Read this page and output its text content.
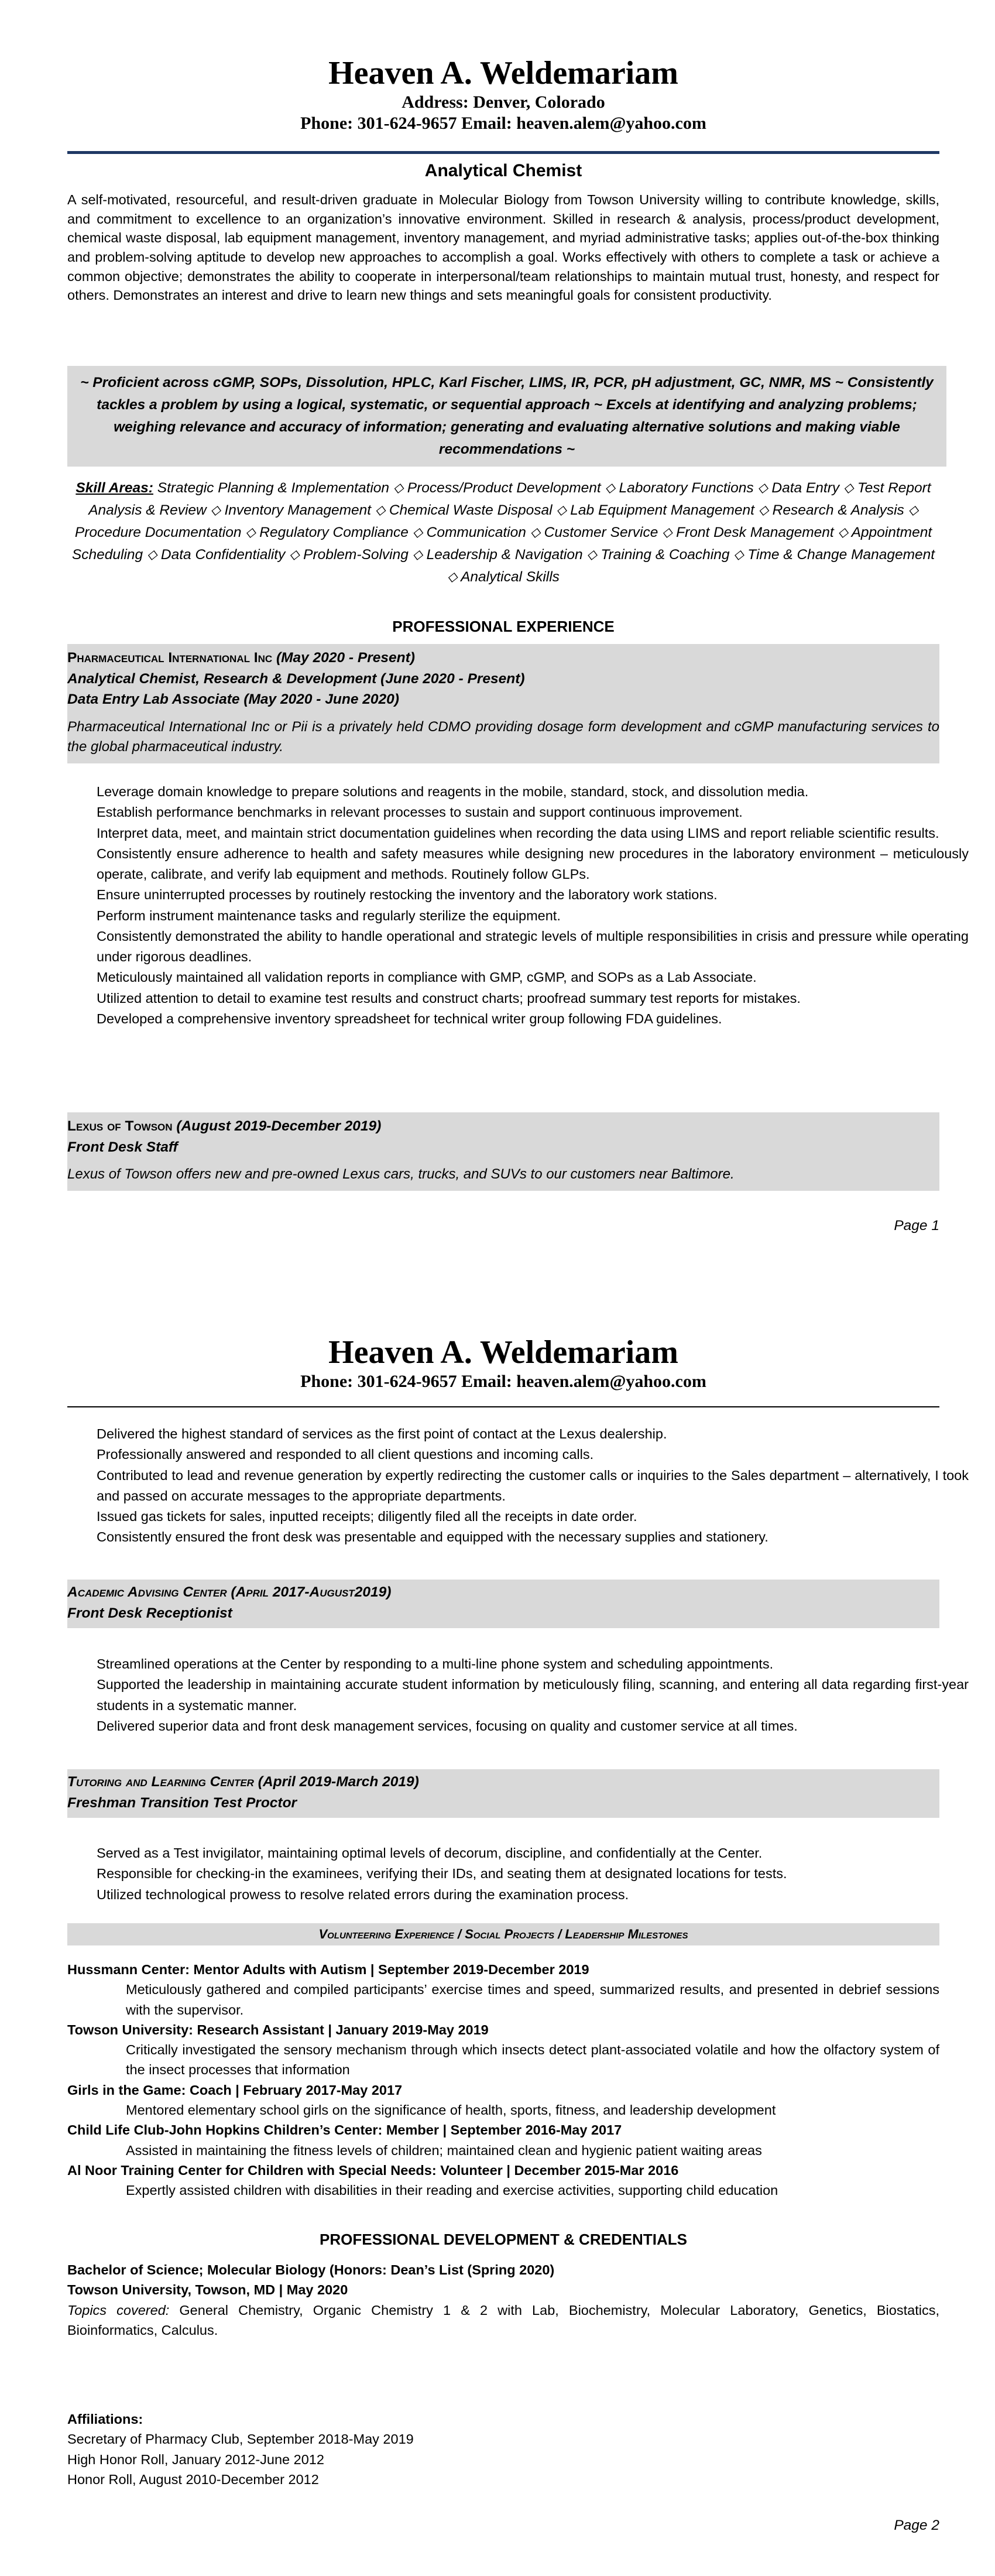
Heaven A. Weldemariam
Address: Denver, Colorado
Phone: 301-624-9657 Email: heaven.alem@yahoo.com
Analytical Chemist
A self-motivated, resourceful, and result-driven graduate in Molecular Biology from Towson University willing to contribute knowledge, skills, and commitment to excellence to an organization’s innovative environment. Skilled in research & analysis, process/product development, chemical waste disposal, lab equipment management, inventory management, and myriad administrative tasks; applies out-of-the-box thinking and problem-solving aptitude to develop new approaches to accomplish a goal. Works effectively with others to complete a task or achieve a common objective; demonstrates the ability to cooperate in interpersonal/team relationships to maintain mutual trust, honesty, and respect for others. Demonstrates an interest and drive to learn new things and sets meaningful goals for consistent productivity.
~ Proficient across cGMP, SOPs, Dissolution, HPLC, Karl Fischer, LIMS, IR, PCR, pH adjustment, GC, NMR, MS ~ Consistently tackles a problem by using a logical, systematic, or sequential approach ~ Excels at identifying and analyzing problems; weighing relevance and accuracy of information; generating and evaluating alternative solutions and making viable recommendations ~
Skill Areas: Strategic Planning & Implementation ⬦ Process/Product Development ⬦ Laboratory Functions ⬦ Data Entry ⬦ Test Report Analysis & Review ⬦ Inventory Management ⬦ Chemical Waste Disposal ⬦ Lab Equipment Management ⬦ Research & Analysis ⬦ Procedure Documentation ⬦ Regulatory Compliance ⬦ Communication ⬦ Customer Service ⬦ Front Desk Management ⬦ Appointment Scheduling ⬦ Data Confidentiality ⬦ Problem-Solving ⬦ Leadership & Navigation ⬦ Training & Coaching ⬦ Time & Change Management ⬦ Analytical Skills
PROFESSIONAL EXPERIENCE
Pharmaceutical International Inc (May 2020 - Present)
Analytical Chemist, Research & Development (June 2020 - Present)
Data Entry Lab Associate (May 2020 - June 2020)
Pharmaceutical International Inc or Pii is a privately held CDMO providing dosage form development and cGMP manufacturing services to the global pharmaceutical industry.
Leverage domain knowledge to prepare solutions and reagents in the mobile, standard, stock, and dissolution media.
Establish performance benchmarks in relevant processes to sustain and support continuous improvement.
Interpret data, meet, and maintain strict documentation guidelines when recording the data using LIMS and report reliable scientific results.
Consistently ensure adherence to health and safety measures while designing new procedures in the laboratory environment – meticulously operate, calibrate, and verify lab equipment and methods. Routinely follow GLPs.
Ensure uninterrupted processes by routinely restocking the inventory and the laboratory work stations.
Perform instrument maintenance tasks and regularly sterilize the equipment.
Consistently demonstrated the ability to handle operational and strategic levels of multiple responsibilities in crisis and pressure while operating under rigorous deadlines.
Meticulously maintained all validation reports in compliance with GMP, cGMP, and SOPs as a Lab Associate.
Utilized attention to detail to examine test results and construct charts; proofread summary test reports for mistakes.
Developed a comprehensive inventory spreadsheet for technical writer group following FDA guidelines.
Lexus of Towson (August 2019-December 2019)
Front Desk Staff
Lexus of Towson offers new and pre-owned Lexus cars, trucks, and SUVs to our customers near Baltimore.
Page 1
Heaven A. Weldemariam
Phone: 301-624-9657 Email: heaven.alem@yahoo.com
Delivered the highest standard of services as the first point of contact at the Lexus dealership.
Professionally answered and responded to all client questions and incoming calls.
Contributed to lead and revenue generation by expertly redirecting the customer calls or inquiries to the Sales department – alternatively, I took and passed on accurate messages to the appropriate departments.
Issued gas tickets for sales, inputted receipts; diligently filed all the receipts in date order.
Consistently ensured the front desk was presentable and equipped with the necessary supplies and stationery.
Academic Advising Center (April 2017-August2019)
Front Desk Receptionist
Streamlined operations at the Center by responding to a multi-line phone system and scheduling appointments.
Supported the leadership in maintaining accurate student information by meticulously filing, scanning, and entering all data regarding first-year students in a systematic manner.
Delivered superior data and front desk management services, focusing on quality and customer service at all times.
Tutoring and Learning Center (April 2019-March 2019)
Freshman Transition Test Proctor
Served as a Test invigilator, maintaining optimal levels of decorum, discipline, and confidentially at the Center.
Responsible for checking-in the examinees, verifying their IDs, and seating them at designated locations for tests.
Utilized technological prowess to resolve related errors during the examination process.
Volunteering Experience / Social Projects / Leadership Milestones
Hussmann Center: Mentor Adults with Autism | September 2019-December 2019
Meticulously gathered and compiled participants’ exercise times and speed, summarized results, and presented in debrief sessions with the supervisor.
Towson University: Research Assistant | January 2019-May 2019
Critically investigated the sensory mechanism through which insects detect plant-associated volatile and how the olfactory system of the insect processes that information
Girls in the Game: Coach | February 2017-May 2017
Mentored elementary school girls on the significance of health, sports, fitness, and leadership development
Child Life Club-John Hopkins Children’s Center: Member | September 2016-May 2017
Assisted in maintaining the fitness levels of children; maintained clean and hygienic patient waiting areas
Al Noor Training Center for Children with Special Needs: Volunteer | December 2015-Mar 2016
Expertly assisted children with disabilities in their reading and exercise activities, supporting child education
PROFESSIONAL DEVELOPMENT & CREDENTIALS
Bachelor of Science; Molecular Biology (Honors: Dean’s List (Spring 2020)
Towson University, Towson, MD | May 2020
Topics covered: General Chemistry, Organic Chemistry 1 & 2 with Lab, Biochemistry, Molecular Laboratory, Genetics, Biostatics, Bioinformatics, Calculus.
Affiliations:
Secretary of Pharmacy Club, September 2018-May 2019
High Honor Roll, January 2012-June 2012
Honor Roll, August 2010-December 2012
Page 2
